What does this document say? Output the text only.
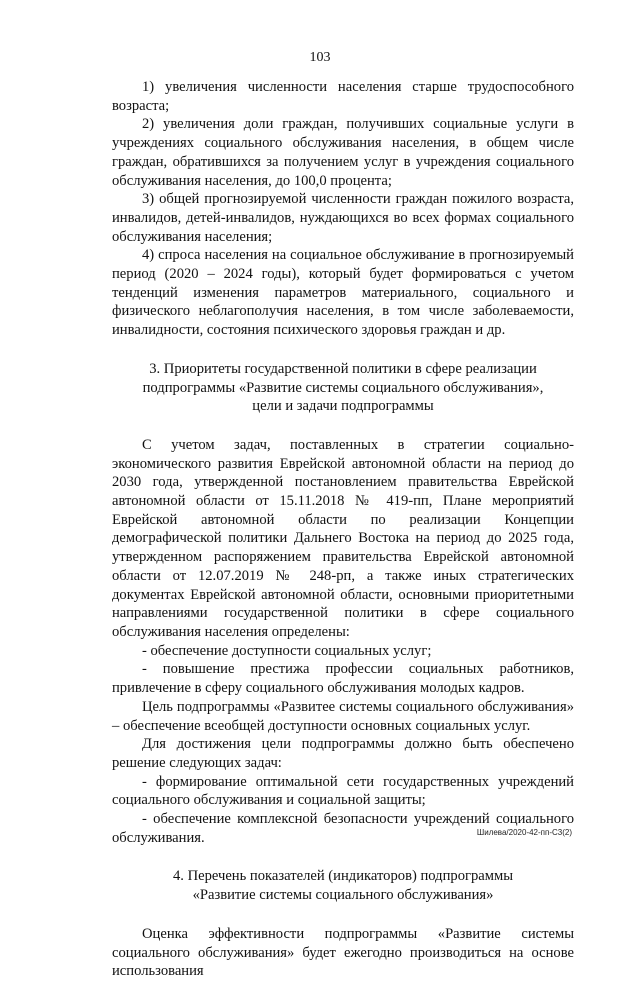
103

1) увеличения численности населения старше трудоспособного возраста;

2) увеличения доли граждан, получивших социальные услуги в учреждениях социального обслуживания населения, в общем числе граждан, обратившихся за получением услуг в учреждения социального обслуживания населения, до 100,0 процента;

3) общей прогнозируемой численности граждан пожилого возраста, инвалидов, детей-инвалидов, нуждающихся во всех формах социального обслуживания населения;

4) спроса населения на социальное обслуживание в прогнозируемый период (2020 – 2024 годы), который будет формироваться с учетом тенденций изменения параметров материального, социального и физического неблагополучия населения, в том числе заболеваемости, инвалидности, состояния психического здоровья граждан и др.

3. Приоритеты государственной политики в сфере реализации
подпрограммы «Развитие системы социального обслуживания»,
цели и задачи подпрограммы

С учетом задач, поставленных в стратегии социально-экономического развития Еврейской автономной области на период до 2030 года, утвержденной постановлением правительства Еврейской автономной области от 15.11.2018 № 419-пп, Плане мероприятий Еврейской автономной области по реализации Концепции демографической политики Дальнего Востока на период до 2025 года, утвержденном распоряжением правительства Еврейской автономной области от 12.07.2019 № 248-рп, а также иных стратегических документах Еврейской автономной области, основными приоритетными направлениями государственной политики в сфере социального обслуживания населения определены:

- обеспечение доступности социальных услуг;

- повышение престижа профессии социальных работников, привлечение в сферу социального обслуживания молодых кадров.

Цель подпрограммы «Развитее системы социального обслуживания» – обеспечение всеобщей доступности основных социальных услуг.

Для достижения цели подпрограммы должно быть обеспечено решение следующих задач:

- формирование оптимальной сети государственных учреждений социального обслуживания и социальной защиты;

- обеспечение комплексной безопасности учреждений социального обслуживания.

4. Перечень показателей (индикаторов) подпрограммы
«Развитие системы социального обслуживания»

Оценка эффективности подпрограммы «Развитие системы социального обслуживания» будет ежегодно производиться на основе использования

Шилева/2020-42-пп-С3(2)
